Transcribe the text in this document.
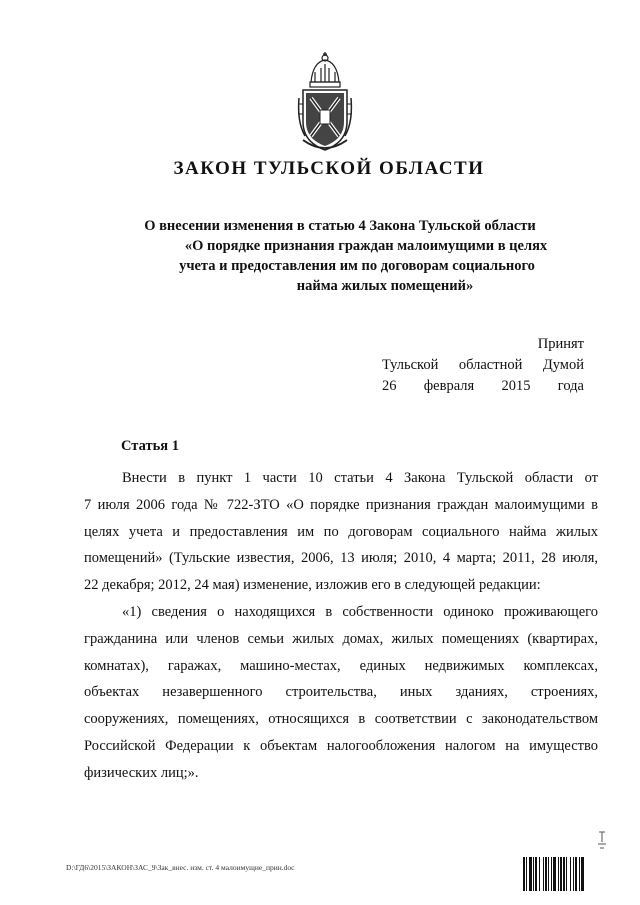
ЗАКОН ТУЛЬСКОЙ ОБЛАСТИ
О внесении изменения в статью 4 Закона Тульской области
«О порядке признания граждан малоимущими в целях
учета и предоставления им по договорам социального
найма жилых помещений»
Принят
Тульской областной Думой
26 февраля 2015 года
Статья 1
Внести в пункт 1 части 10 статьи 4 Закона Тульской области от
7 июля 2006 года № 722-ЗТО «О порядке признания граждан малоимущими в
целях учета и предоставления им по договорам социального найма жилых
помещений» (Тульские известия, 2006, 13 июля; 2010, 4 марта; 2011, 28 июля,
22 декабря; 2012, 24 мая) изменение, изложив его в следующей редакции:
«1) сведения о находящихся в собственности одиноко проживающего
гражданина или членов семьи жилых домах, жилых помещениях (квартирах,
комнатах), гаражах, машино-местах, единых недвижимых комплексах,
объектах незавершенного строительства, иных зданиях, строениях,
сооружениях, помещениях, относящихся в соответствии с законодательством
Российской Федерации к объектам налогообложения налогом на имущество
физических лиц;».
D:\ГД6\2015\ЗАКОН\ЗАС_9\Зак_внес. изм. ст. 4 малоимущие_прин.doc
